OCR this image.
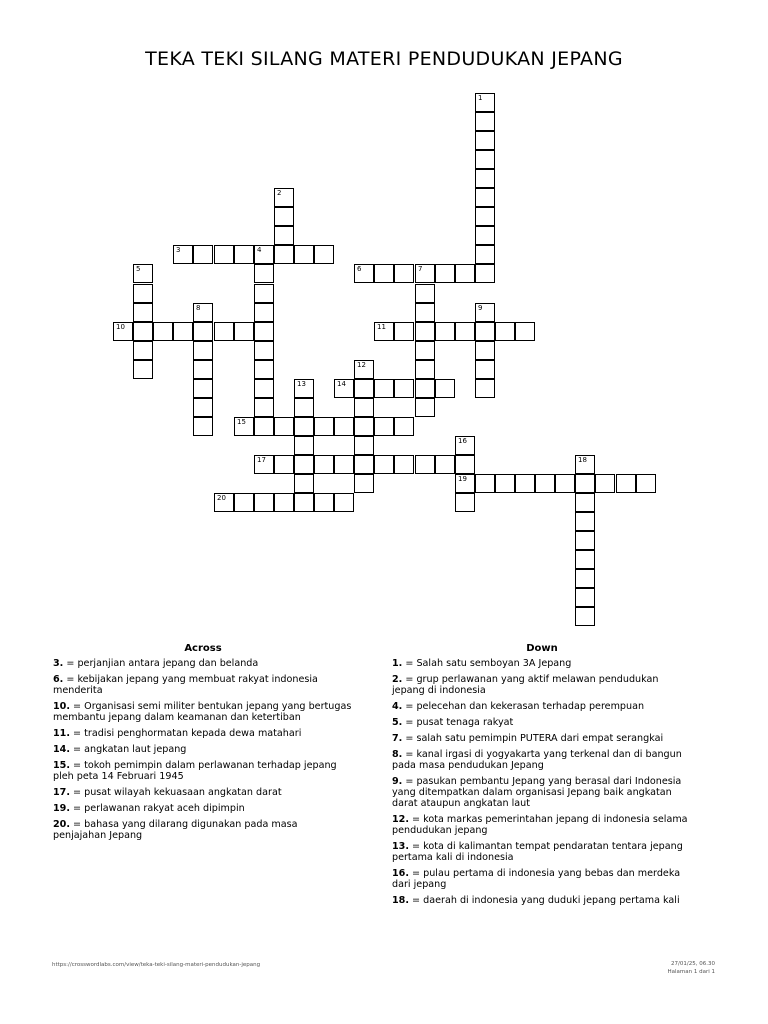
TEKA TEKI SILANG MATERI PENDUDUKAN JEPANG
1
2
3	4
5	6	7
8	9
10	11
12
13	14
15
16
19
17	18
20
Across
3. = perjanjian antara jepang dan belanda
6. = kebijakan jepang yang membuat rakyat indonesia menderita
10. = Organisasi semi militer bentukan jepang yang bertugas membantu jepang dalam keamanan dan ketertiban
11. = tradisi penghormatan kepada dewa matahari
14. = angkatan laut jepang
15. = tokoh pemimpin dalam perlawanan terhadap jepang pleh peta 14 Februari 1945
17. = pusat wilayah kekuasaan angkatan darat
19. = perlawanan rakyat aceh dipimpin
20. = bahasa yang dilarang digunakan pada masa penjajahan Jepang
Down
1. = Salah satu semboyan 3A Jepang
2. = grup perlawanan yang aktif melawan pendudukan jepang di indonesia
4. = pelecehan dan kekerasan terhadap perempuan
5. = pusat tenaga rakyat
7. = salah satu pemimpin PUTERA dari empat serangkai
8. = kanal irgasi di yogyakarta yang terkenal dan di bangun pada masa pendudukan Jepang
9. = pasukan pembantu Jepang yang berasal dari Indonesia yang ditempatkan dalam organisasi Jepang baik angkatan darat ataupun angkatan laut
12. = kota markas pemerintahan jepang di indonesia selama pendudukan jepang
13. = kota di kalimantan tempat pendaratan tentara jepang pertama kali di indonesia
16. = pulau pertama di indonesia yang bebas dan merdeka dari jepang
18. = daerah di indonesia yang duduki jepang pertama kali
https://crosswordlabs.com/view/teka-teki-silang-materi-pendudukan-jepang	27/01/25, 06.30
Halaman 1 dari 1
